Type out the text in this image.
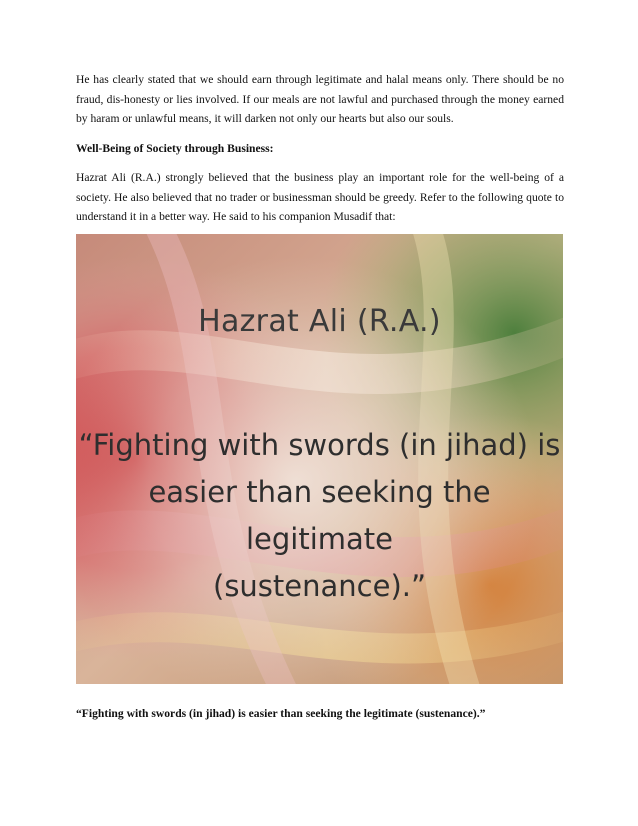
He has clearly stated that we should earn through legitimate and halal means only. There should be no fraud, dis-honesty or lies involved. If our meals are not lawful and purchased through the money earned by haram or unlawful means, it will darken not only our hearts but also our souls.

Well-Being of Society through Business:

Hazrat Ali (R.A.) strongly believed that the business play an important role for the well-being of a society. He also believed that no trader or businessman should be greedy. Refer to the following quote to understand it in a better way. He said to his companion Musadif that:

Hazrat Ali (R.A.)
“Fighting with swords (in jihad) is
easier than seeking the legitimate
(sustenance).”

“Fighting with swords (in jihad) is easier than seeking the legitimate (sustenance).”
